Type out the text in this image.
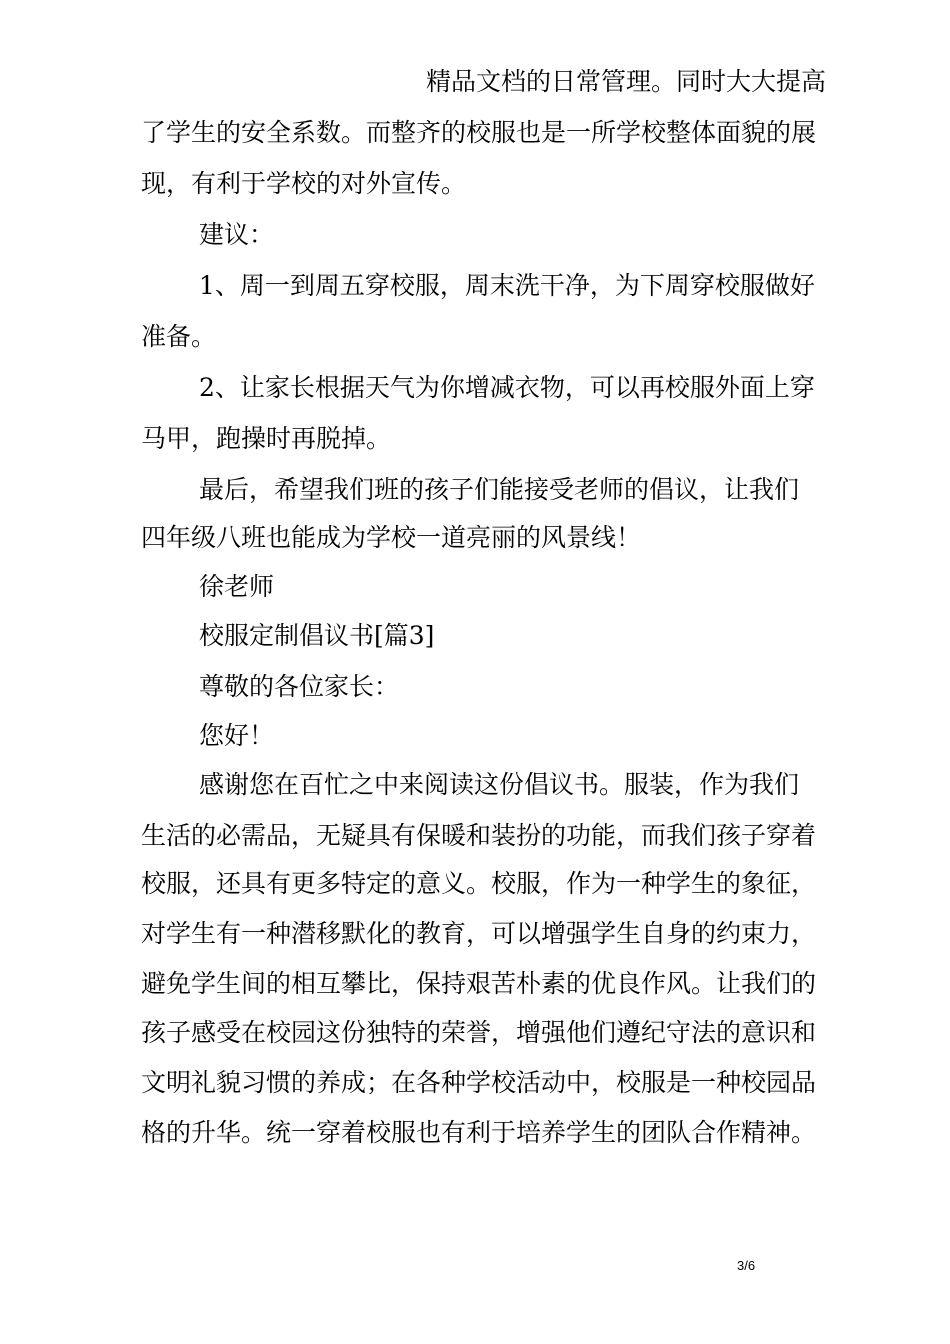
精品文档的日常管理。同时大大提高
了学生的安全系数。而整齐的校服也是一所学校整体面貌的展
现，有利于学校的对外宣传。
建议：
1、周一到周五穿校服，周末洗干净，为下周穿校服做好
准备。
2、让家长根据天气为你增减衣物，可以再校服外面上穿
马甲，跑操时再脱掉。
最后，希望我们班的孩子们能接受老师的倡议，让我们
四年级八班也能成为学校一道亮丽的风景线！
徐老师
校服定制倡议书[篇3]
尊敬的各位家长：
您好！
感谢您在百忙之中来阅读这份倡议书。服装，作为我们
生活的必需品，无疑具有保暖和装扮的功能，而我们孩子穿着
校服，还具有更多特定的意义。校服，作为一种学生的象征，
对学生有一种潜移默化的教育，可以增强学生自身的约束力，
避免学生间的相互攀比，保持艰苦朴素的优良作风。让我们的
孩子感受在校园这份独特的荣誉，增强他们遵纪守法的意识和
文明礼貌习惯的养成；在各种学校活动中，校服是一种校园品
格的升华。统一穿着校服也有利于培养学生的团队合作精神。
3/6
